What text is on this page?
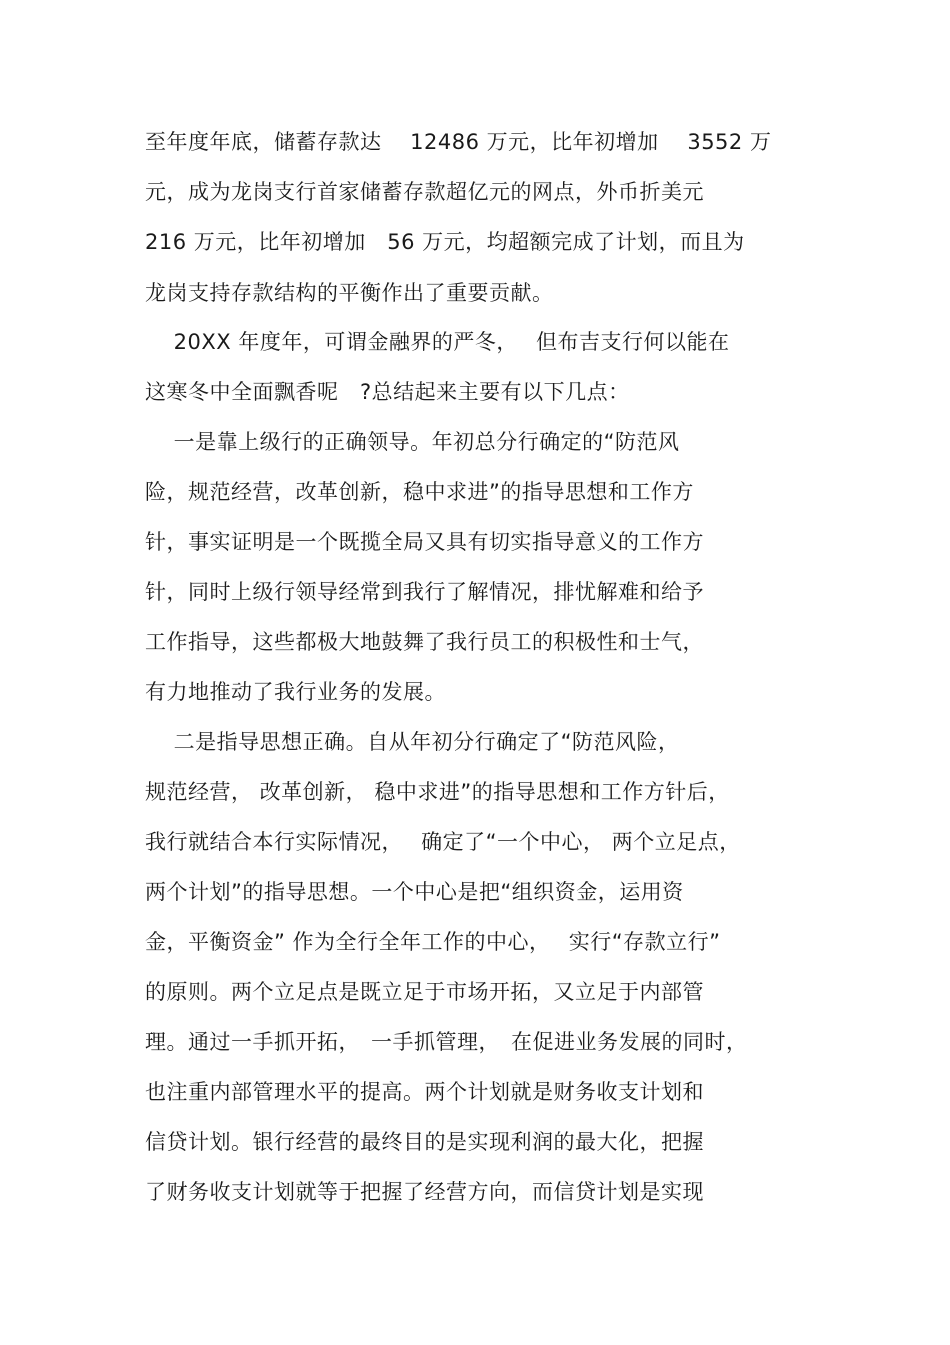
至年度年底，储蓄存款达　 12486 万元，比年初增加　 3552 万

元，成为龙岗支行首家储蓄存款超亿元的网点，外币折美元

216 万元，比年初增加　56 万元，均超额完成了计划，而且为

龙岗支持存款结构的平衡作出了重要贡献。

　 20XX 年度年，可谓金融界的严冬，　 但布吉支行何以能在

这寒冬中全面飘香呢　?总结起来主要有以下几点：

　 一是靠上级行的正确领导。年初总分行确定的“防范风

险，规范经营，改革创新，稳中求进”的指导思想和工作方

针，事实证明是一个既揽全局又具有切实指导意义的工作方

针，同时上级行领导经常到我行了解情况，排忧解难和给予

工作指导，这些都极大地鼓舞了我行员工的积极性和士气，

有力地推动了我行业务的发展。

　 二是指导思想正确。自从年初分行确定了“防范风险，

规范经营， 改革创新， 稳中求进”的指导思想和工作方针后，

我行就结合本行实际情况，　 确定了“一个中心， 两个立足点，

两个计划”的指导思想。一个中心是把“组织资金，运用资

金，平衡资金” 作为全行全年工作的中心，　 实行“存款立行”

的原则。两个立足点是既立足于市场开拓，又立足于内部管

理。通过一手抓开拓，　一手抓管理，　在促进业务发展的同时，

也注重内部管理水平的提高。两个计划就是财务收支计划和

信贷计划。银行经营的最终目的是实现利润的最大化，把握

了财务收支计划就等于把握了经营方向，而信贷计划是实现
